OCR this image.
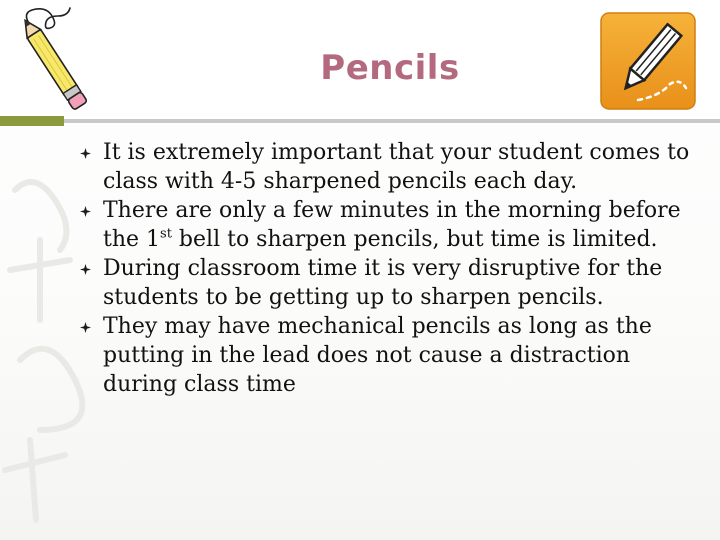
Pencils
It is extremely important that your student comes to class with 4-5 sharpened pencils each day.
There are only a few minutes in the morning before the 1st bell to sharpen pencils, but time is limited.
During classroom time it is very disruptive for the students to be getting up to sharpen pencils.
They may have mechanical pencils as long as the putting in the lead does not cause a distraction during class time
